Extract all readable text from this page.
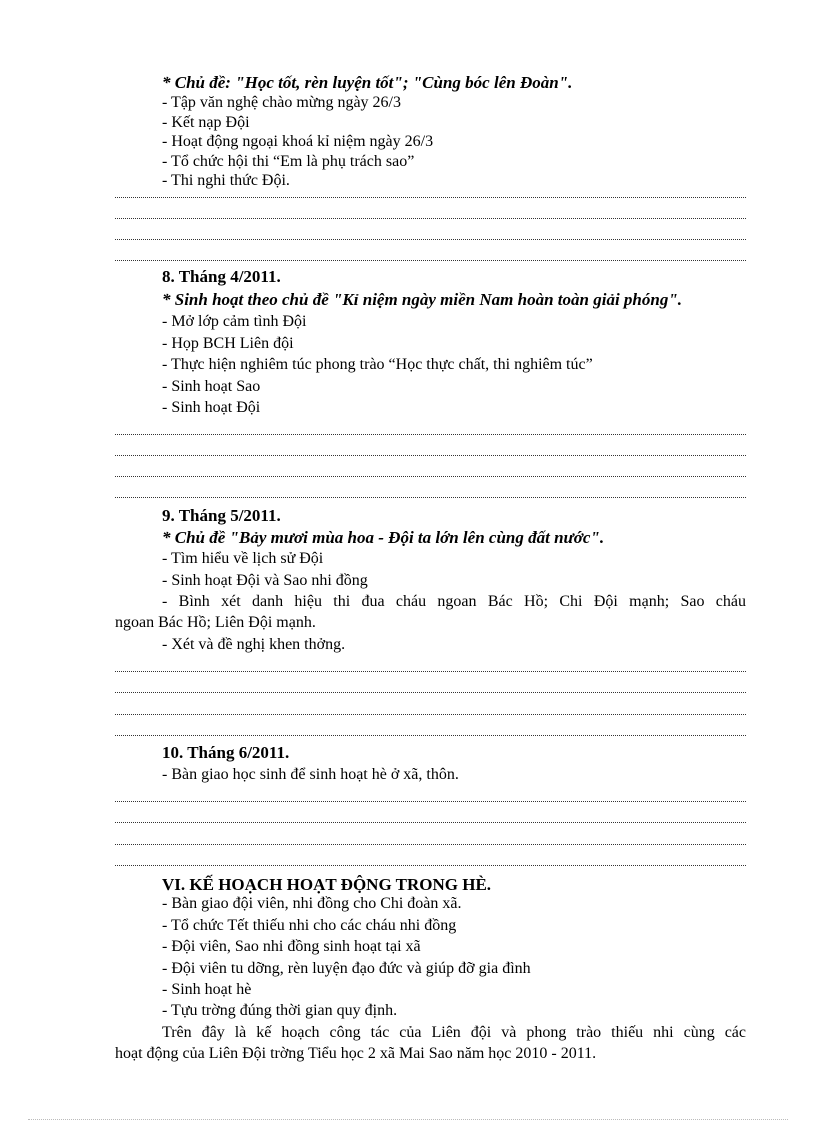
* Chủ đề: "Học tốt, rèn luyện tốt"; "Cùng bóc lên Đoàn".
- Tập văn nghệ chào mừng ngày 26/3
- Kết nạp Đội
- Hoạt động ngoại khoá kỉ niệm ngày 26/3
- Tổ chức hội thi “Em là phụ trách sao”
- Thi nghi thức Đội.
8. Tháng 4/2011.
* Sinh hoạt theo chủ đề "Kỉ niệm ngày miền Nam hoàn toàn giải phóng".
- Mở lớp cảm tình Đội
- Họp BCH Liên đội
- Thực hiện nghiêm túc phong trào “Học thực chất, thi nghiêm túc”
- Sinh hoạt Sao
- Sinh hoạt Đội
9. Tháng 5/2011.
* Chủ đề "Bảy mươi mùa hoa - Đội ta lớn lên cùng đất nước".
- Tìm hiểu về lịch sử Đội
- Sinh hoạt Đội và Sao nhi đồng
- Bình xét danh hiệu thi đua cháu ngoan Bác Hồ; Chi Đội mạnh; Sao cháu
ngoan Bác Hồ; Liên Đội mạnh.
- Xét và đề nghị khen thởng.
10. Tháng 6/2011.
- Bàn giao học sinh để sinh hoạt hè ở xã, thôn.
VI. KẾ HOẠCH HOẠT ĐỘNG TRONG HÈ.
- Bàn giao đội viên, nhi đồng cho Chi đoàn xã.
- Tổ chức Tết thiếu nhi cho các cháu nhi đồng
- Đội viên, Sao nhi đồng sinh hoạt tại xã
- Đội viên tu dỡng, rèn luyện đạo đức và giúp đỡ gia đình
- Sinh hoạt hè
- Tựu trờng đúng thời gian quy định.
Trên đây là kế hoạch công tác của Liên đội và phong trào thiếu nhi cùng các
hoạt động của Liên Đội trờng Tiểu học 2 xã Mai Sao năm học 2010 - 2011.
